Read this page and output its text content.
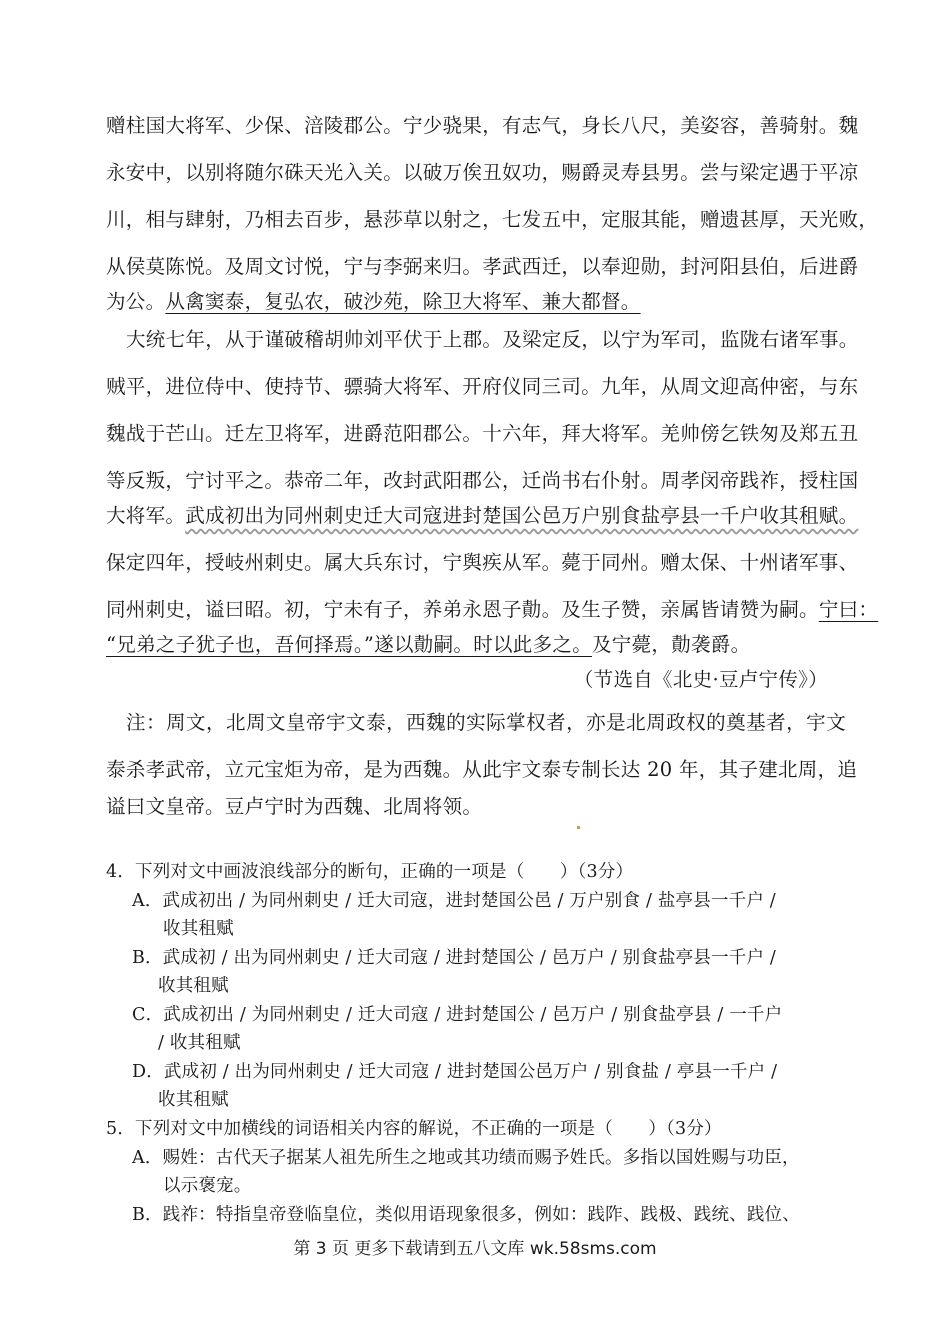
赠柱国大将军、少保、涪陵郡公。宁少骁果，有志气，身长八尺，美姿容，善骑射。魏
永安中，以别将随尔硃天光入关。以破万俟丑奴功，赐爵灵寿县男。尝与梁定遇于平凉
川，相与肆射，乃相去百步，悬莎草以射之，七发五中，定服其能，赠遗甚厚，天光败，
从侯莫陈悦。及周文讨悦，宁与李弼来归。孝武西迁，以奉迎勋，封河阳县伯，后进爵
为公。从禽窦泰，复弘农，破沙苑，除卫大将军、兼大都督。
大统七年，从于谨破稽胡帅刘平伏于上郡。及梁定反，以宁为军司，监陇右诸军事。
贼平，进位侍中、使持节、骠骑大将军、开府仪同三司。九年，从周文迎高仲密，与东
魏战于芒山。迁左卫将军，进爵范阳郡公。十六年，拜大将军。羌帅傍乞铁匆及郑五丑
等反叛，宁讨平之。恭帝二年，改封武阳郡公，迁尚书右仆射。周孝闵帝践祚，授柱国
大将军。武成初出为同州刺史迁大司寇进封楚国公邑万户别食盐亭县一千户收其租赋。
保定四年，授岐州刺史。属大兵东讨，宁舆疾从军。薨于同州。赠太保、十州诸军事、
同州刺史，谥曰昭。初，宁未有子，养弟永恩子勣。及生子赞，亲属皆请赞为嗣。宁曰：
“兄弟之子犹子也，吾何择焉。”遂以勣嗣。时以此多之。及宁薨，勣袭爵。
（节选自《北史·豆卢宁传》）
注：周文，北周文皇帝宇文泰，西魏的实际掌权者，亦是北周政权的奠基者，宇文
泰杀孝武帝，立元宝炬为帝，是为西魏。从此宇文泰专制长达 20 年，其子建北周，追
谥曰文皇帝。豆卢宁时为西魏、北周将领。
4．下列对文中画波浪线部分的断句，正确的一项是（　　）（3分）
A．武成初出 / 为同州刺史 / 迁大司寇，进封楚国公邑 / 万户别食 / 盐亭县一千户 /
收其租赋
B．武成初 / 出为同州刺史 / 迁大司寇 / 进封楚国公 / 邑万户 / 别食盐亭县一千户 /
收其租赋
C．武成初出 / 为同州刺史 / 迁大司寇 / 进封楚国公 / 邑万户 / 别食盐亭县 / 一千户
/ 收其租赋
D．武成初 / 出为同州刺史 / 迁大司寇 / 进封楚国公邑万户 / 别食盐 / 亭县一千户 /
收其租赋
5．下列对文中加横线的词语相关内容的解说，不正确的一项是（　　）（3分）
A．赐姓：古代天子据某人祖先所生之地或其功绩而赐予姓氏。多指以国姓赐与功臣，
以示褒宠。
B．践祚：特指皇帝登临皇位，类似用语现象很多，例如：践阼、践极、践统、践位、
第 3 页 更多下载请到五八文库 wk.58sms.com
